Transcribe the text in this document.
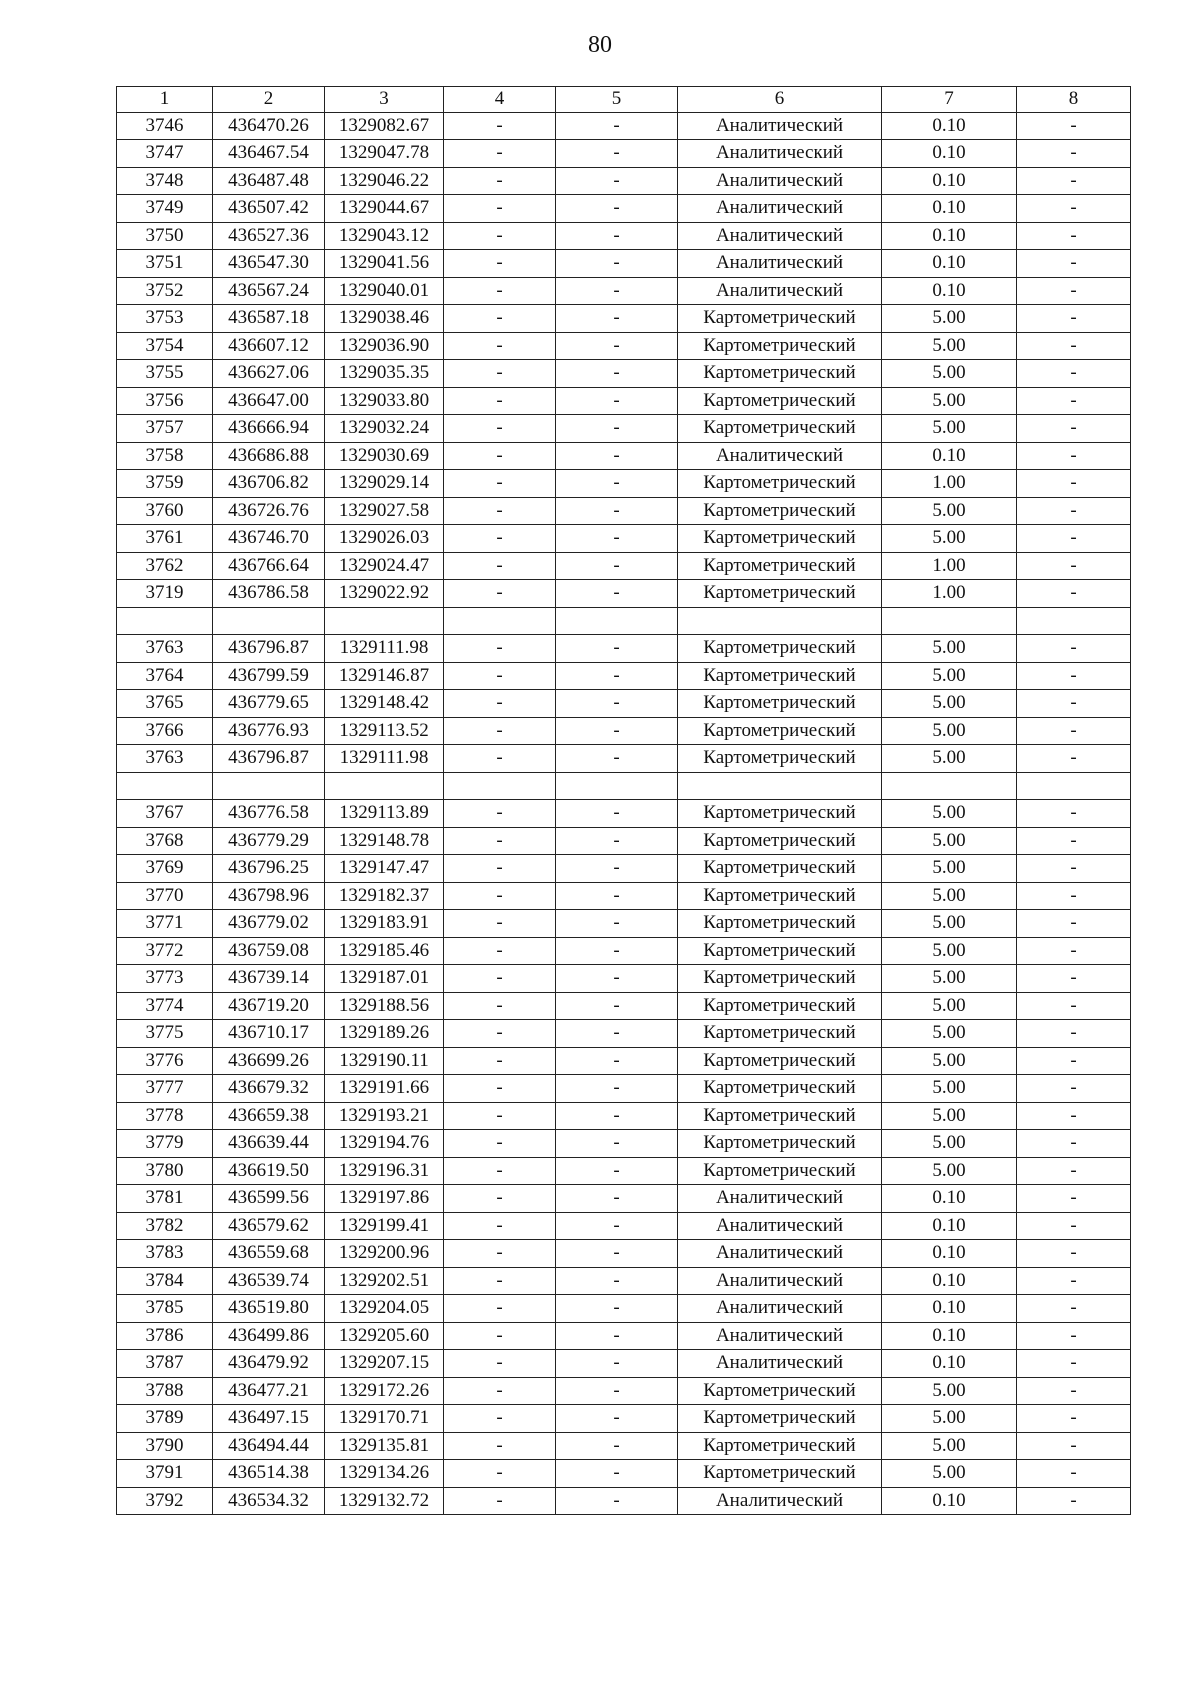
80
1	2	3	4	5	6	7	8
3746	436470.26	1329082.67	-	-	Аналитический	0.10	-
3747	436467.54	1329047.78	-	-	Аналитический	0.10	-
3748	436487.48	1329046.22	-	-	Аналитический	0.10	-
3749	436507.42	1329044.67	-	-	Аналитический	0.10	-
3750	436527.36	1329043.12	-	-	Аналитический	0.10	-
3751	436547.30	1329041.56	-	-	Аналитический	0.10	-
3752	436567.24	1329040.01	-	-	Аналитический	0.10	-
3753	436587.18	1329038.46	-	-	Картометрический	5.00	-
3754	436607.12	1329036.90	-	-	Картометрический	5.00	-
3755	436627.06	1329035.35	-	-	Картометрический	5.00	-
3756	436647.00	1329033.80	-	-	Картометрический	5.00	-
3757	436666.94	1329032.24	-	-	Картометрический	5.00	-
3758	436686.88	1329030.69	-	-	Аналитический	0.10	-
3759	436706.82	1329029.14	-	-	Картометрический	1.00	-
3760	436726.76	1329027.58	-	-	Картометрический	5.00	-
3761	436746.70	1329026.03	-	-	Картометрический	5.00	-
3762	436766.64	1329024.47	-	-	Картометрический	1.00	-
3719	436786.58	1329022.92	-	-	Картометрический	1.00	-

3763	436796.87	1329111.98	-	-	Картометрический	5.00	-
3764	436799.59	1329146.87	-	-	Картометрический	5.00	-
3765	436779.65	1329148.42	-	-	Картометрический	5.00	-
3766	436776.93	1329113.52	-	-	Картометрический	5.00	-
3763	436796.87	1329111.98	-	-	Картометрический	5.00	-

3767	436776.58	1329113.89	-	-	Картометрический	5.00	-
3768	436779.29	1329148.78	-	-	Картометрический	5.00	-
3769	436796.25	1329147.47	-	-	Картометрический	5.00	-
3770	436798.96	1329182.37	-	-	Картометрический	5.00	-
3771	436779.02	1329183.91	-	-	Картометрический	5.00	-
3772	436759.08	1329185.46	-	-	Картометрический	5.00	-
3773	436739.14	1329187.01	-	-	Картометрический	5.00	-
3774	436719.20	1329188.56	-	-	Картометрический	5.00	-
3775	436710.17	1329189.26	-	-	Картометрический	5.00	-
3776	436699.26	1329190.11	-	-	Картометрический	5.00	-
3777	436679.32	1329191.66	-	-	Картометрический	5.00	-
3778	436659.38	1329193.21	-	-	Картометрический	5.00	-
3779	436639.44	1329194.76	-	-	Картометрический	5.00	-
3780	436619.50	1329196.31	-	-	Картометрический	5.00	-
3781	436599.56	1329197.86	-	-	Аналитический	0.10	-
3782	436579.62	1329199.41	-	-	Аналитический	0.10	-
3783	436559.68	1329200.96	-	-	Аналитический	0.10	-
3784	436539.74	1329202.51	-	-	Аналитический	0.10	-
3785	436519.80	1329204.05	-	-	Аналитический	0.10	-
3786	436499.86	1329205.60	-	-	Аналитический	0.10	-
3787	436479.92	1329207.15	-	-	Аналитический	0.10	-
3788	436477.21	1329172.26	-	-	Картометрический	5.00	-
3789	436497.15	1329170.71	-	-	Картометрический	5.00	-
3790	436494.44	1329135.81	-	-	Картометрический	5.00	-
3791	436514.38	1329134.26	-	-	Картометрический	5.00	-
3792	436534.32	1329132.72	-	-	Аналитический	0.10	-
